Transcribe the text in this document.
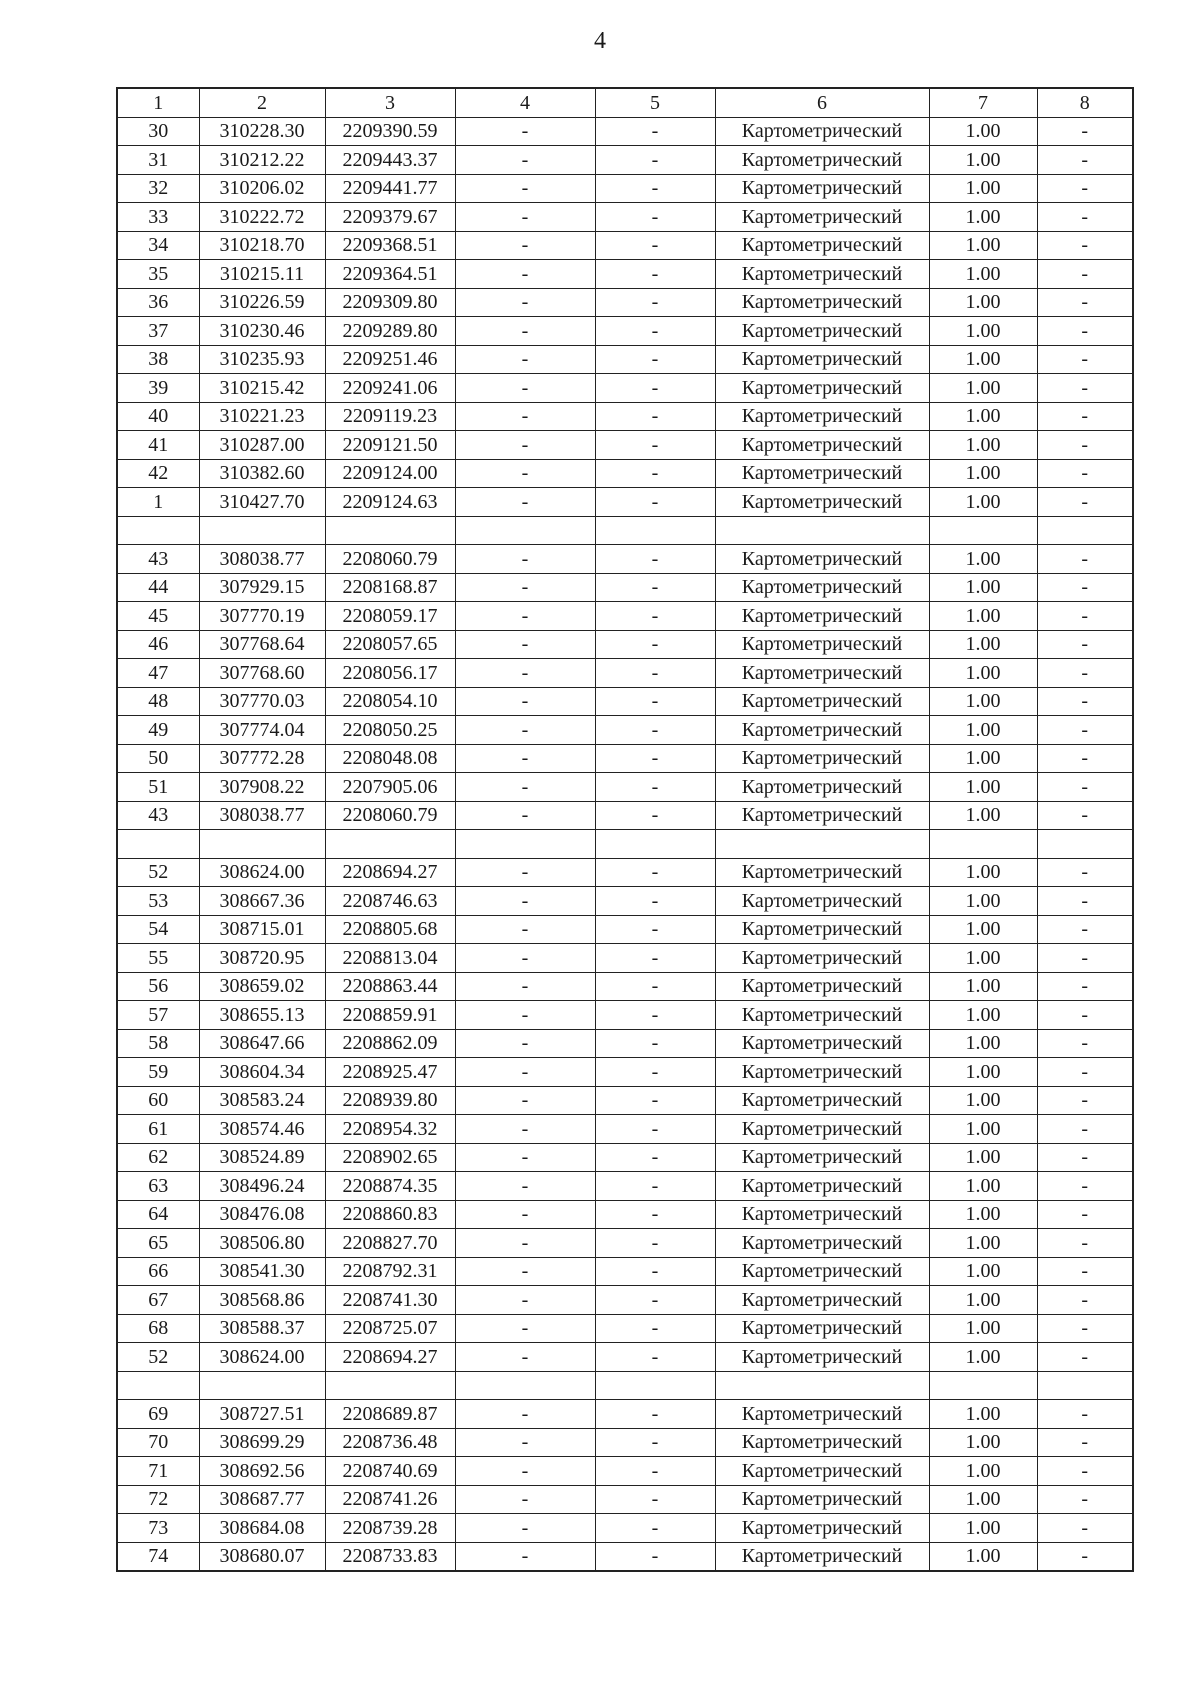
4
1	2	3	4	5	6	7	8
30	310228.30	2209390.59	-	-	Картометрический	1.00	-
31	310212.22	2209443.37	-	-	Картометрический	1.00	-
32	310206.02	2209441.77	-	-	Картометрический	1.00	-
33	310222.72	2209379.67	-	-	Картометрический	1.00	-
34	310218.70	2209368.51	-	-	Картометрический	1.00	-
35	310215.11	2209364.51	-	-	Картометрический	1.00	-
36	310226.59	2209309.80	-	-	Картометрический	1.00	-
37	310230.46	2209289.80	-	-	Картометрический	1.00	-
38	310235.93	2209251.46	-	-	Картометрический	1.00	-
39	310215.42	2209241.06	-	-	Картометрический	1.00	-
40	310221.23	2209119.23	-	-	Картометрический	1.00	-
41	310287.00	2209121.50	-	-	Картометрический	1.00	-
42	310382.60	2209124.00	-	-	Картометрический	1.00	-
1	310427.70	2209124.63	-	-	Картометрический	1.00	-

43	308038.77	2208060.79	-	-	Картометрический	1.00	-
44	307929.15	2208168.87	-	-	Картометрический	1.00	-
45	307770.19	2208059.17	-	-	Картометрический	1.00	-
46	307768.64	2208057.65	-	-	Картометрический	1.00	-
47	307768.60	2208056.17	-	-	Картометрический	1.00	-
48	307770.03	2208054.10	-	-	Картометрический	1.00	-
49	307774.04	2208050.25	-	-	Картометрический	1.00	-
50	307772.28	2208048.08	-	-	Картометрический	1.00	-
51	307908.22	2207905.06	-	-	Картометрический	1.00	-
43	308038.77	2208060.79	-	-	Картометрический	1.00	-

52	308624.00	2208694.27	-	-	Картометрический	1.00	-
53	308667.36	2208746.63	-	-	Картометрический	1.00	-
54	308715.01	2208805.68	-	-	Картометрический	1.00	-
55	308720.95	2208813.04	-	-	Картометрический	1.00	-
56	308659.02	2208863.44	-	-	Картометрический	1.00	-
57	308655.13	2208859.91	-	-	Картометрический	1.00	-
58	308647.66	2208862.09	-	-	Картометрический	1.00	-
59	308604.34	2208925.47	-	-	Картометрический	1.00	-
60	308583.24	2208939.80	-	-	Картометрический	1.00	-
61	308574.46	2208954.32	-	-	Картометрический	1.00	-
62	308524.89	2208902.65	-	-	Картометрический	1.00	-
63	308496.24	2208874.35	-	-	Картометрический	1.00	-
64	308476.08	2208860.83	-	-	Картометрический	1.00	-
65	308506.80	2208827.70	-	-	Картометрический	1.00	-
66	308541.30	2208792.31	-	-	Картометрический	1.00	-
67	308568.86	2208741.30	-	-	Картометрический	1.00	-
68	308588.37	2208725.07	-	-	Картометрический	1.00	-
52	308624.00	2208694.27	-	-	Картометрический	1.00	-

69	308727.51	2208689.87	-	-	Картометрический	1.00	-
70	308699.29	2208736.48	-	-	Картометрический	1.00	-
71	308692.56	2208740.69	-	-	Картометрический	1.00	-
72	308687.77	2208741.26	-	-	Картометрический	1.00	-
73	308684.08	2208739.28	-	-	Картометрический	1.00	-
74	308680.07	2208733.83	-	-	Картометрический	1.00	-
